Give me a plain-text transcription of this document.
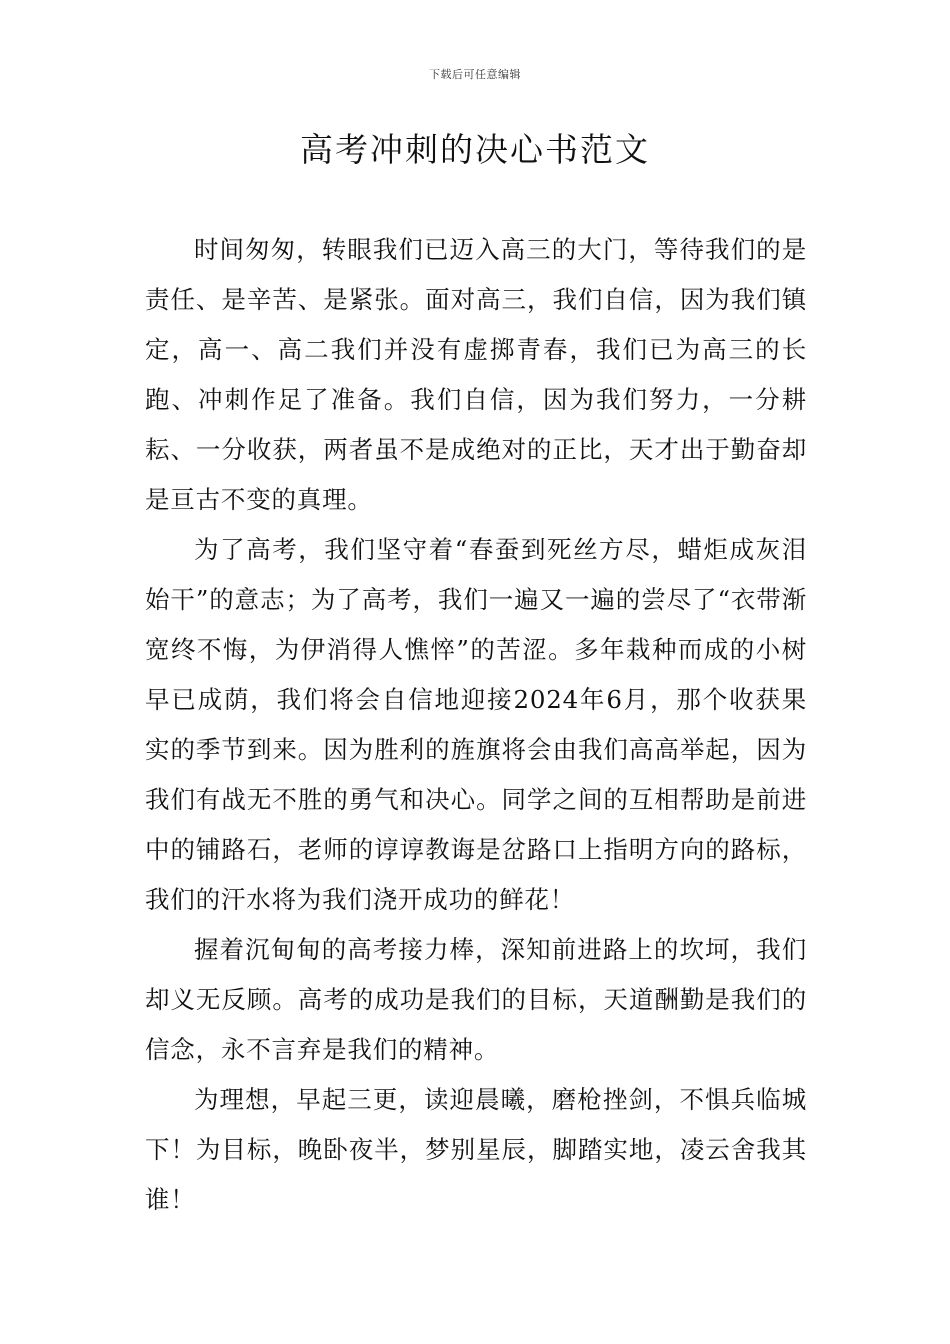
下载后可任意编辑
高考冲刺的决心书范文

时间匆匆，转眼我们已迈入高三的大门，等待我们的是责任、是辛苦、是紧张。面对高三，我们自信，因为我们镇定，高一、高二我们并没有虚掷青春，我们已为高三的长跑、冲刺作足了准备。我们自信，因为我们努力，一分耕耘、一分收获，两者虽不是成绝对的正比，天才出于勤奋却是亘古不变的真理。

为了高考，我们坚守着“春蚕到死丝方尽，蜡炬成灰泪始干”的意志；为了高考，我们一遍又一遍的尝尽了“衣带渐宽终不悔，为伊消得人憔悴”的苦涩。多年栽种而成的小树早已成荫，我们将会自信地迎接2024年6月，那个收获果实的季节到来。因为胜利的旌旗将会由我们高高举起，因为我们有战无不胜的勇气和决心。同学之间的互相帮助是前进中的铺路石，老师的谆谆教诲是岔路口上指明方向的路标，我们的汗水将为我们浇开成功的鲜花！

握着沉甸甸的高考接力棒，深知前进路上的坎坷，我们却义无反顾。高考的成功是我们的目标，天道酬勤是我们的信念，永不言弃是我们的精神。

为理想，早起三更，读迎晨曦，磨枪挫剑，不惧兵临城下！为目标，晚卧夜半，梦别星辰，脚踏实地，凌云舍我其谁！
